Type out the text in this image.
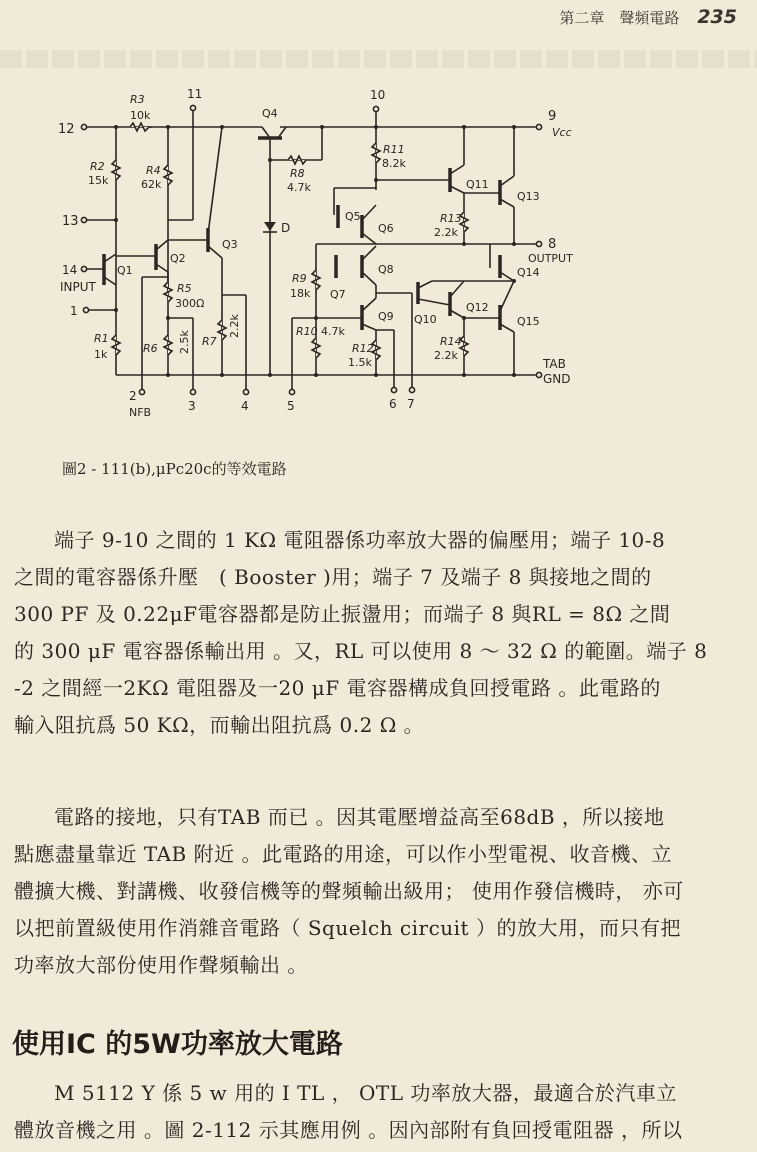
第二章　聲頻電路 235
12
R3
10k
R2
15k
13
11
R4
62k
Q4
R8
4.7k
D
14
INPUT
Q1
1
R1
1k
Q2
Q3
R5
300Ω
R6 2.5k
2
NFB	3
R7
2.2k
4
TAB
GND
5
R9
18k
R10 4.7k
10
R11
8.2k
Q5
Q6
Q11
R13
2.2k
Q13
9
Vcc
8
OUTPUT
Q7
Q8
Q9
R12
1.5k
6 7
Q10
Q12
R14
2.2k
Q14
Q15
圖2 - 111(b),μPc20c的等效電路
端子 9-10 之間的 1 KΩ 電阻器係功率放大器的偏壓用；端子 10-8
之間的電容器係升壓　( Booster )用；端子 7 及端子 8 與接地之間的
300 PF 及 0.22μF電容器都是防止振盪用；而端子 8 與RL = 8Ω 之間
的 300 μF 電容器係輸出用 。又，RL 可以使用 8 ～ 32 Ω 的範圍。端子 8
-2 之間經一2KΩ 電阻器及一20 μF 電容器構成負回授電路 。此電路的
輸入阻抗爲 50 KΩ，而輸出阻抗爲 0.2 Ω 。
電路的接地，只有TAB 而已 。因其電壓增益高至68dB ，所以接地
點應盡量靠近 TAB 附近 。此電路的用途，可以作小型電視、收音機、立
體擴大機、對講機、收發信機等的聲頻輸出級用； 使用作發信機時， 亦可
以把前置級使用作消雜音電路（ Squelch circuit ）的放大用，而只有把
功率放大部份使用作聲頻輸出 。
使用IC 的5W功率放大電路
M 5112 Y 係 5 w 用的 I TL ， OTL 功率放大器，最適合於汽車立
體放音機之用 。圖 2-112 示其應用例 。因內部附有負回授電阻器 ，所以
